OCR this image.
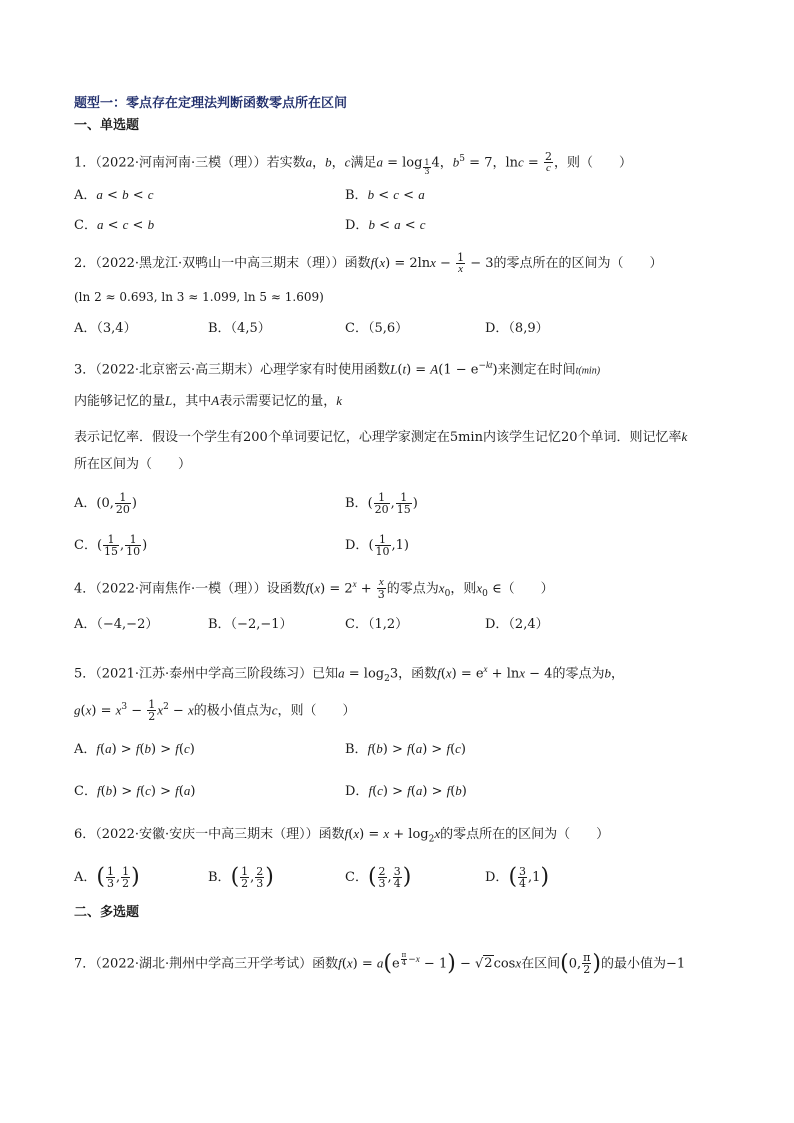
题型一：零点存在定理法判断函数零点所在区间
一、单选题
1．（2022·河南河南·三模（理））若实数a，b，c满足a = log $_{\frac{1}{3}}$ 4，$b^5 = 7$，$\ln c = \frac{2}{c}$ ，则（　　）
A．a < b < c	B．b < c < a
C．a < c < b	D．b < a < c
2．（2022·黑龙江·双鸭山一中高三期末（理））函数$f(x) = 2\ln x - \frac{1}{x} - 3$的零点所在的区间为（　　）
(ln 2 ≈ 0.693, ln 3 ≈ 1.099, ln 5 ≈ 1.609)
A．（3,4）	B．（4,5）	C．（5,6）	D．（8,9）
3．（2022·北京密云·高三期末）心理学家有时使用函数$L(t) = A(1 - e^{-kt})$来测定在时间t(min)
内能够记忆的量L，其中A表示需要记忆的量，k
表示记忆率．假设一个学生有200个单词要记忆，心理学家测定在5min内该学生记忆20个单词．则记忆率k
所在区间为（　　）
A．(0, $\frac{1}{20}$ )	B．( $\frac{1}{20}$ , $\frac{1}{15}$ )
C．( $\frac{1}{15}$ , $\frac{1}{10}$ )	D．( $\frac{1}{10} ,1$)
4．（2022·河南焦作·一模（理））设函数$f(x) = 2^x + \frac{x}{3}$ 的零点为$x_0$，则$x_0$ ∈（　　）
A．（−4,−2）	B．（−2,−1）	C．（1,2）	D．（2,4）
5．（2021·江苏·泰州中学高三阶段练习）已知$a = \log_23$，函数$f(x) = e^x + \ln x - 4$的零点为b，
$g(x) = x^3 - \frac{1}{2} x^2 - x$的极小值点为c，则（　　）
A．f(a) > f(b) > f(c)	B．f(b) > f(a) > f(c)
C．f(b) > f(c) > f(a)	D．f(c) > f(a) > f(b)
6．（2022·安徽·安庆一中高三期末（理））函数$f(x) = x + \log_2x$的零点所在的区间为（　　）
A．( $\frac{1}{3}$ , $\frac{1}{2}$ )	B．( $\frac{1}{2}$ , $\frac{2}{3}$ )	C．( $\frac{2}{3}$ , $\frac{3}{4}$ )	D．( $\frac{3}{4} ,1$)
二、多选题
7．（2022·湖北·荆州中学高三开学考试）函数f(x) = a(e $^{\frac{\pi}{4} -x}$ − 1) − √2cosx在区间(0, $\frac{\pi}{2}$ )的最小值为−1
